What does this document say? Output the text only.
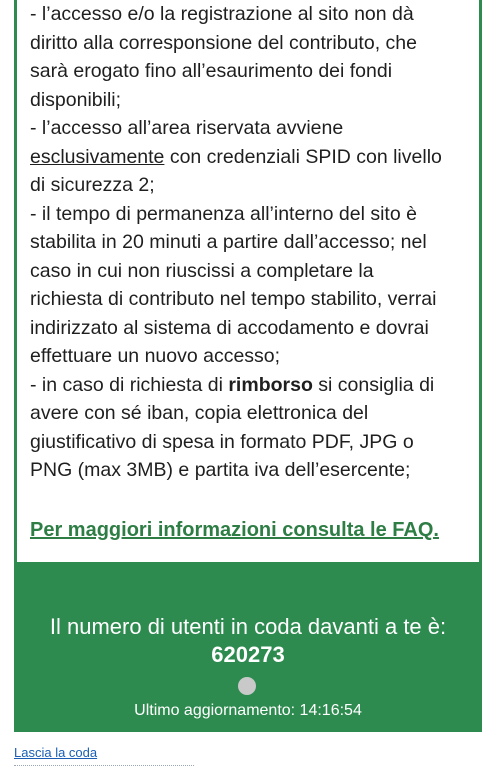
- l’accesso e/o la registrazione al sito non dà
diritto alla corresponsione del contributo, che
sarà erogato fino all’esaurimento dei fondi
disponibili;
- l’accesso all’area riservata avviene
esclusivamente con credenziali SPID con livello
di sicurezza 2;
- il tempo di permanenza all’interno del sito è
stabilita in 20 minuti a partire dall’accesso; nel
caso in cui non riuscissi a completare la
richiesta di contributo nel tempo stabilito, verrai
indirizzato al sistema di accodamento e dovrai
effettuare un nuovo accesso;
- in caso di richiesta di rimborso si consiglia di
avere con sé iban, copia elettronica del
giustificativo di spesa in formato PDF, JPG o
PNG (max 3MB) e partita iva dell’esercente;
Per maggiori informazioni consulta le FAQ.
Il numero di utenti in coda davanti a te è:
620273
Ultimo aggiornamento: 14:16:54
Lascia la coda
